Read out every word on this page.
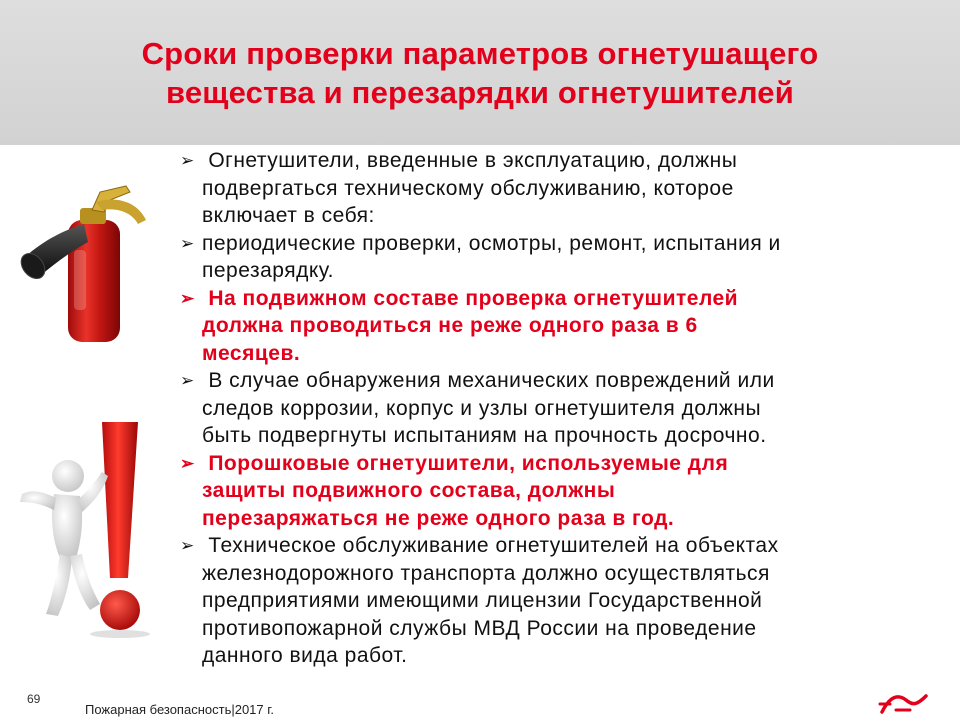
Сроки проверки параметров огнетушащего
вещества и перезарядки огнетушителей
➢ Огнетушители, введенные в эксплуатацию, должны
подвергаться техническому обслуживанию, которое
включает в себя:
➢ периодические проверки, осмотры, ремонт, испытания и
перезарядку.
➢ На подвижном составе проверка огнетушителей
должна проводиться не реже одного раза в 6
месяцев.
➢ В случае обнаружения механических повреждений или
следов коррозии, корпус и узлы огнетушителя должны
быть подвергнуты испытаниям на прочность досрочно.
➢ Порошковые огнетушители, используемые для
защиты подвижного состава, должны
перезаряжаться не реже одного раза в год.
➢ Техническое обслуживание огнетушителей на объектах
железнодорожного транспорта должно осуществляться
предприятиями имеющими лицензии Государственной
противопожарной службы МВД России на проведение
данного вида работ.
69
Пожарная безопасность|2017 г.
